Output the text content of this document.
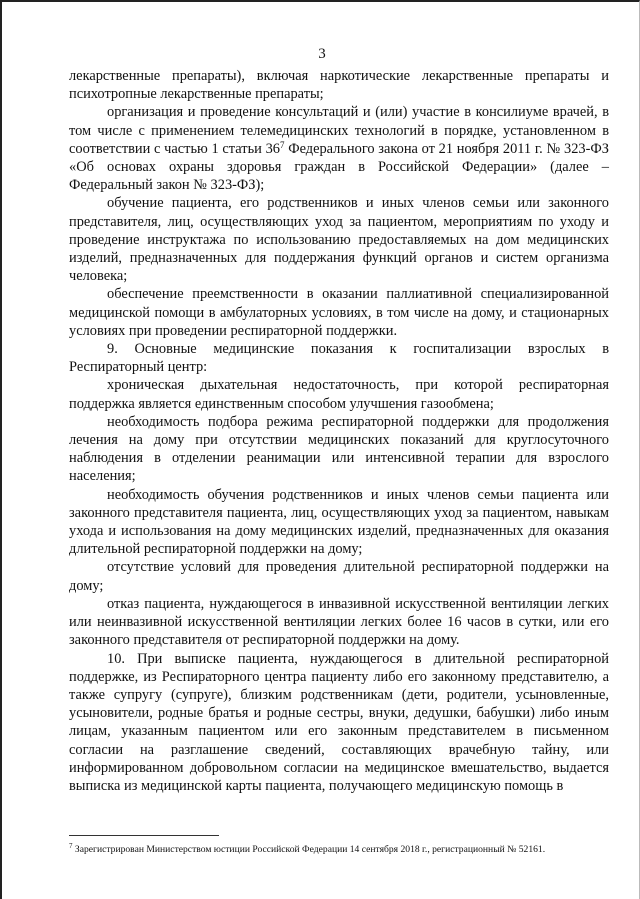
3

лекарственные препараты), включая наркотические лекарственные препараты и психотропные лекарственные препараты;

организация и проведение консультаций и (или) участие в консилиуме врачей, в том числе с применением телемедицинских технологий в порядке, установленном в соответствии с частью 1 статьи $36^7$ Федерального закона от 21 ноября 2011 г. № 323-ФЗ «Об основах охраны здоровья граждан в Российской Федерации» (далее – Федеральный закон № 323-ФЗ);

обучение пациента, его родственников и иных членов семьи или законного представителя, лиц, осуществляющих уход за пациентом, мероприятиям по уходу и проведение инструктажа по использованию предоставляемых на дом медицинских изделий, предназначенных для поддержания функций органов и систем организма человека;

обеспечение преемственности в оказании паллиативной специализированной медицинской помощи в амбулаторных условиях, в том числе на дому, и стационарных условиях при проведении респираторной поддержки.

9. Основные медицинские показания к госпитализации взрослых в Респираторный центр:

хроническая дыхательная недостаточность, при которой респираторная поддержка является единственным способом улучшения газообмена;

необходимость подбора режима респираторной поддержки для продолжения лечения на дому при отсутствии медицинских показаний для круглосуточного наблюдения в отделении реанимации или интенсивной терапии для взрослого населения;

необходимость обучения родственников и иных членов семьи пациента или законного представителя пациента, лиц, осуществляющих уход за пациентом, навыкам ухода и использования на дому медицинских изделий, предназначенных для оказания длительной респираторной поддержки на дому;

отсутствие условий для проведения длительной респираторной поддержки на дому;

отказ пациента, нуждающегося в инвазивной искусственной вентиляции легких или неинвазивной искусственной вентиляции легких более 16 часов в сутки, или его законного представителя от респираторной поддержки на дому.

10. При выписке пациента, нуждающегося в длительной респираторной поддержке, из Респираторного центра пациенту либо его законному представителю, а также супругу (супруге), близким родственникам (дети, родители, усыновленные, усыновители, родные братья и родные сестры, внуки, дедушки, бабушки) либо иным лицам, указанным пациентом или его законным представителем в письменном согласии на разглашение сведений, составляющих врачебную тайну, или информированном добровольном согласии на медицинское вмешательство, выдается выписка из медицинской карты пациента, получающего медицинскую помощь в

$^7$ Зарегистрирован Министерством юстиции Российской Федерации 14 сентября 2018 г., регистрационный № 52161.
